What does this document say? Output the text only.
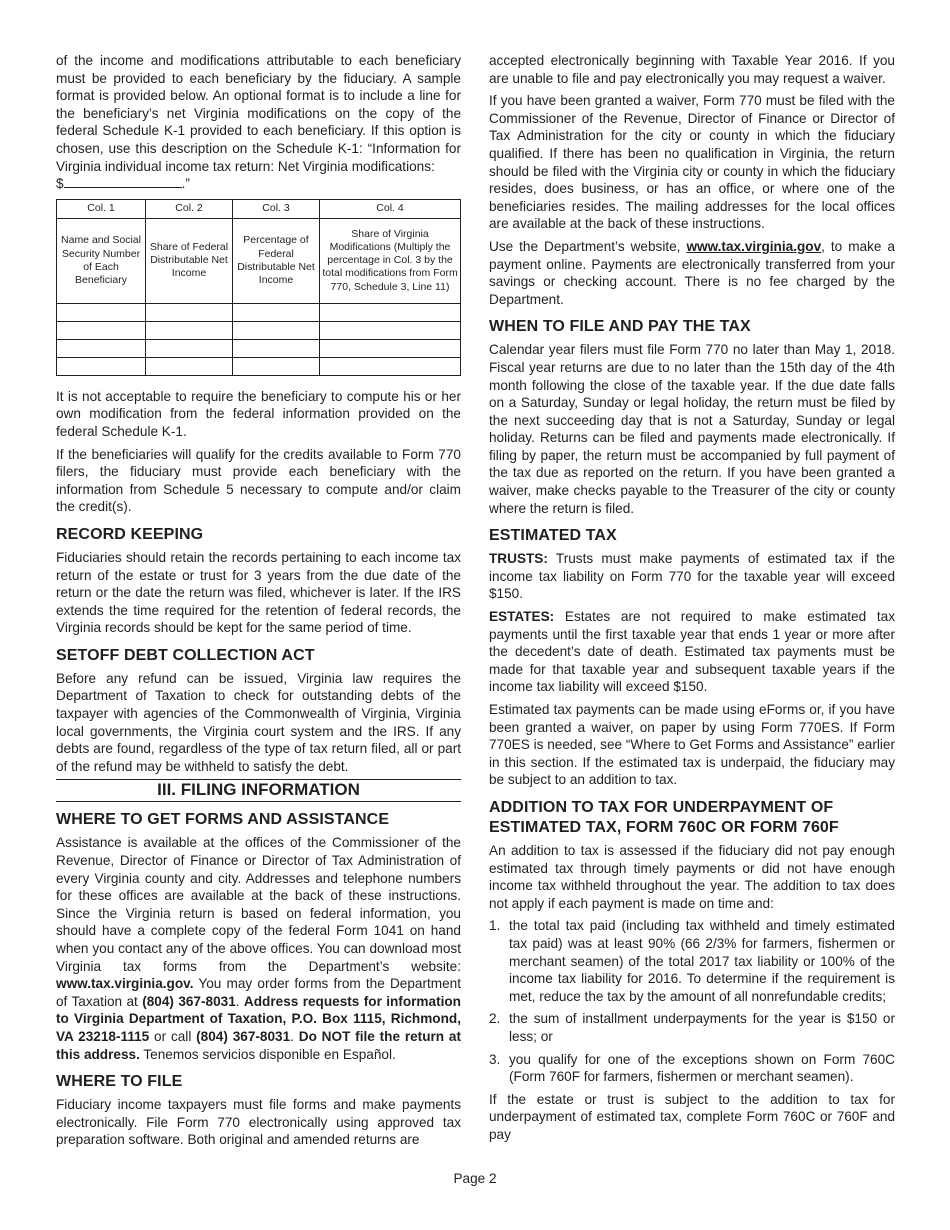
of the income and modifications attributable to each beneficiary must be provided to each beneficiary by the fiduciary. A sample format is provided below. An optional format is to include a line for the beneficiary’s net Virginia modifications on the copy of the federal Schedule K-1 provided to each beneficiary. If this option is chosen, use this description on the Schedule K-1: “Information for Virginia individual income tax return: Net Virginia modifications:
$	.”

Col. 1	Col. 2	Col. 3	Col. 4
Name and Social Security Number of Each Beneficiary	Share of Federal Distributable Net Income	Percentage of Federal Distributable Net Income	Share of Virginia Modifications (Multiply the percentage in Col. 3 by the total modifications from Form 770, Schedule 3, Line 11)

It is not acceptable to require the beneficiary to compute his or her own modification from the federal information provided on the federal Schedule K-1.

If the beneficiaries will qualify for the credits available to Form 770 filers, the fiduciary must provide each beneficiary with the information from Schedule 5 necessary to compute and/or claim the credit(s).

RECORD KEEPING

Fiduciaries should retain the records pertaining to each income tax return of the estate or trust for 3 years from the due date of the return or the date the return was filed, whichever is later. If the IRS extends the time required for the retention of federal records, the Virginia records should be kept for the same period of time.

SETOFF DEBT COLLECTION ACT

Before any refund can be issued, Virginia law requires the Department of Taxation to check for outstanding debts of the taxpayer with agencies of the Commonwealth of Virginia, Virginia local governments, the Virginia court system and the IRS. If any debts are found, regardless of the type of tax return filed, all or part of the refund may be withheld to satisfy the debt.

III. FILING INFORMATION
WHERE TO GET FORMS AND ASSISTANCE

Assistance is available at the offices of the Commissioner of the Revenue, Director of Finance or Director of Tax Administration of every Virginia county and city. Addresses and telephone numbers for these offices are available at the back of these instructions. Since the Virginia return is based on federal information, you should have a complete copy of the federal Form 1041 on hand when you contact any of the above offices. You can download most Virginia tax forms from the Department’s website: www.tax.virginia.gov. You may order forms from the Department of Taxation at (804) 367-8031. Address requests for information to Virginia Department of Taxation, P.O. Box 1115, Richmond, VA 23218-1115 or call (804) 367-8031. Do NOT file the return at this address. Tenemos servicios disponible en Español.

WHERE TO FILE

Fiduciary income taxpayers must file forms and make payments electronically. File Form 770 electronically using approved tax preparation software. Both original and amended returns are

accepted electronically beginning with Taxable Year 2016. If you are unable to file and pay electronically you may request a waiver.

If you have been granted a waiver, Form 770 must be filed with the Commissioner of the Revenue, Director of Finance or Director of Tax Administration for the city or county in which the fiduciary qualified. If there has been no qualification in Virginia, the return should be filed with the Virginia city or county in which the fiduciary resides, does business, or has an office, or where one of the beneficiaries resides. The mailing addresses for the local offices are available at the back of these instructions.

Use the Department’s website, www.tax.virginia.gov, to make a payment online. Payments are electronically transferred from your savings or checking account. There is no fee charged by the Department.

WHEN TO FILE AND PAY THE TAX

Calendar year filers must file Form 770 no later than May 1, 2018. Fiscal year returns are due to no later than the 15th day of the 4th month following the close of the taxable year. If the due date falls on a Saturday, Sunday or legal holiday, the return must be filed by the next succeeding day that is not a Saturday, Sunday or legal holiday. Returns can be filed and payments made electronically. If filing by paper, the return must be accompanied by full payment of the tax due as reported on the return. If you have been granted a waiver, make checks payable to the Treasurer of the city or county where the return is filed.

ESTIMATED TAX

TRUSTS: Trusts must make payments of estimated tax if the income tax liability on Form 770 for the taxable year will exceed $150.

ESTATES: Estates are not required to make estimated tax payments until the first taxable year that ends 1 year or more after the decedent’s date of death. Estimated tax payments must be made for that taxable year and subsequent taxable years if the income tax liability will exceed $150.

Estimated tax payments can be made using eForms or, if you have been granted a waiver, on paper by using Form 770ES. If Form 770ES is needed, see “Where to Get Forms and Assistance” earlier in this section. If the estimated tax is underpaid, the fiduciary may be subject to an addition to tax.

ADDITION TO TAX FOR UNDERPAYMENT OF
ESTIMATED TAX, FORM 760C OR FORM 760F

An addition to tax is assessed if the fiduciary did not pay enough estimated tax through timely payments or did not have enough income tax withheld throughout the year. The addition to tax does not apply if each payment is made on time and:

1. the total tax paid (including tax withheld and timely estimated tax paid) was at least 90% (66 2/3% for farmers, fishermen or merchant seamen) of the total 2017 tax liability or 100% of the income tax liability for 2016. To determine if the requirement is met, reduce the tax by the amount of all nonrefundable credits;
2. the sum of installment underpayments for the year is $150 or less; or
3. you qualify for one of the exceptions shown on Form 760C (Form 760F for farmers, fishermen or merchant seamen).

If the estate or trust is subject to the addition to tax for underpayment of estimated tax, complete Form 760C or 760F and pay

Page 2
